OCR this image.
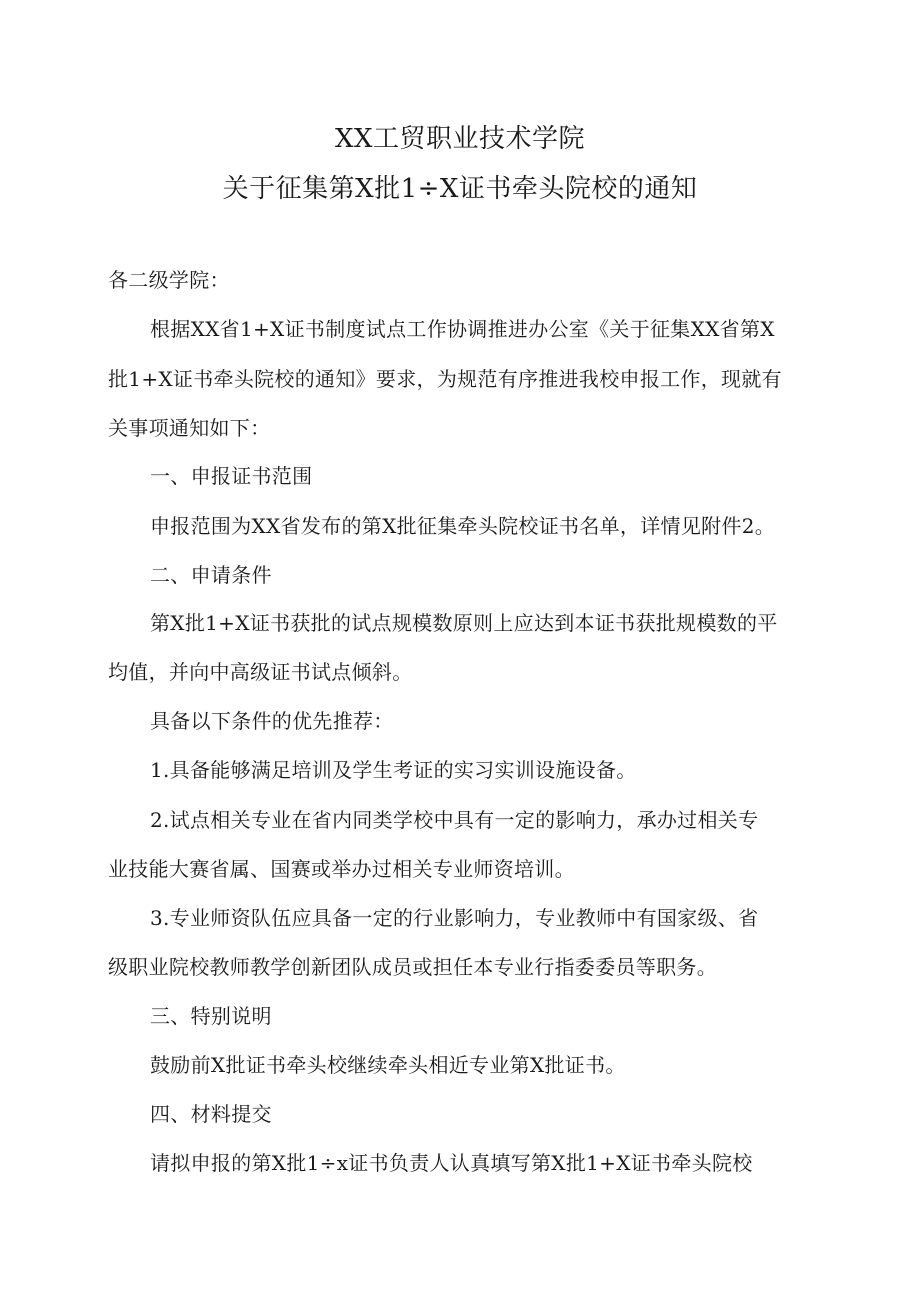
XX工贸职业技术学院
关于征集第X批1÷X证书牵头院校的通知
各二级学院：
根据XX省1+X证书制度试点工作协调推进办公室《关于征集XX省第X
批1+X证书牵头院校的通知》要求，为规范有序推进我校申报工作，现就有
关事项通知如下：
一、申报证书范围
申报范围为XX省发布的第X批征集牵头院校证书名单，详情见附件2。
二、申请条件
第X批1+X证书获批的试点规模数原则上应达到本证书获批规模数的平
均值，并向中高级证书试点倾斜。
具备以下条件的优先推荐：
1.具备能够满足培训及学生考证的实习实训设施设备。
2.试点相关专业在省内同类学校中具有一定的影响力，承办过相关专
业技能大赛省属、国赛或举办过相关专业师资培训。
3.专业师资队伍应具备一定的行业影响力，专业教师中有国家级、省
级职业院校教师教学创新团队成员或担任本专业行指委委员等职务。
三、特别说明
鼓励前X批证书牵头校继续牵头相近专业第X批证书。
四、材料提交
请拟申报的第X批1÷x证书负责人认真填写第X批1+X证书牵头院校
